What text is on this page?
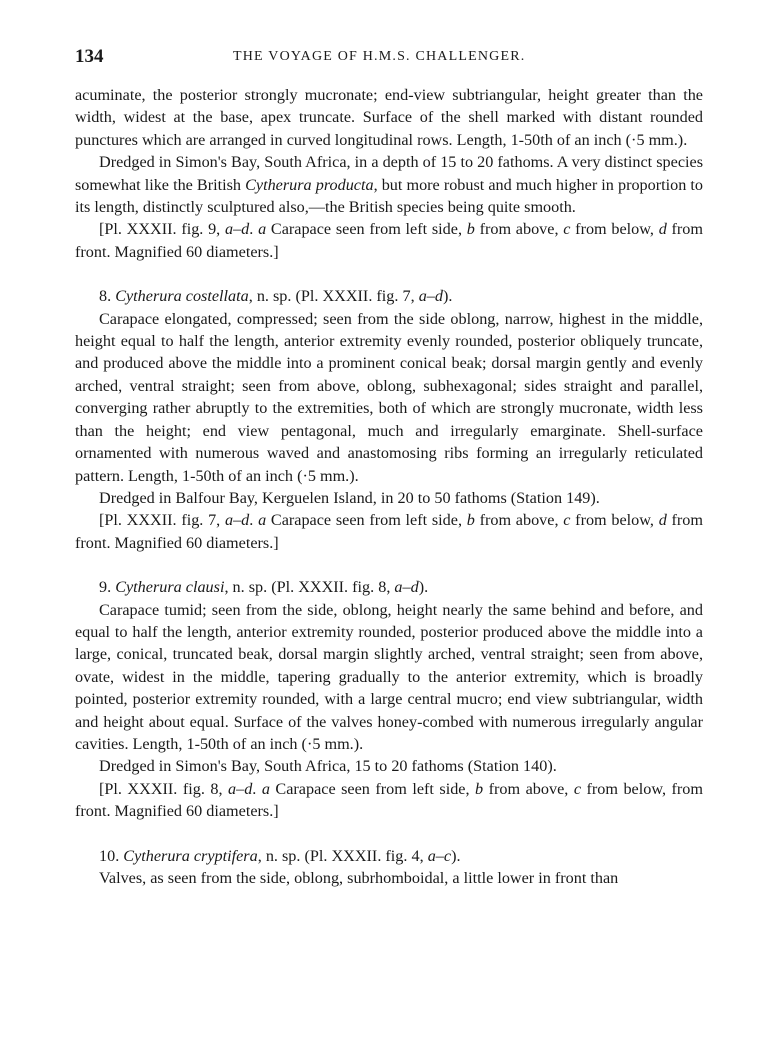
134	THE VOYAGE OF H.M.S. CHALLENGER.

acuminate, the posterior strongly mucronate; end-view subtriangular, height greater than the width, widest at the base, apex truncate. Surface of the shell marked with distant rounded punctures which are arranged in curved longitudinal rows. Length, 1-50th of an inch (·5 mm.).

Dredged in Simon's Bay, South Africa, in a depth of 15 to 20 fathoms. A very distinct species somewhat like the British Cytherura producta, but more robust and much higher in proportion to its length, distinctly sculptured also,—the British species being quite smooth.

[Pl. XXXII. fig. 9, a–d. a Carapace seen from left side, b from above, c from below, d from front. Magnified 60 diameters.]

8. Cytherura costellata, n. sp. (Pl. XXXII. fig. 7, a–d).

Carapace elongated, compressed; seen from the side oblong, narrow, highest in the middle, height equal to half the length, anterior extremity evenly rounded, posterior obliquely truncate, and produced above the middle into a prominent conical beak; dorsal margin gently and evenly arched, ventral straight; seen from above, oblong, subhexagonal; sides straight and parallel, converging rather abruptly to the extremities, both of which are strongly mucronate, width less than the height; end view pentagonal, much and irregularly emarginate. Shell-surface ornamented with numerous waved and anastomosing ribs forming an irregularly reticulated pattern. Length, 1-50th of an inch (·5 mm.).

Dredged in Balfour Bay, Kerguelen Island, in 20 to 50 fathoms (Station 149).

[Pl. XXXII. fig. 7, a–d. a Carapace seen from left side, b from above, c from below, d from front. Magnified 60 diameters.]

9. Cytherura clausi, n. sp. (Pl. XXXII. fig. 8, a–d).

Carapace tumid; seen from the side, oblong, height nearly the same behind and before, and equal to half the length, anterior extremity rounded, posterior produced above the middle into a large, conical, truncated beak, dorsal margin slightly arched, ventral straight; seen from above, ovate, widest in the middle, tapering gradually to the anterior extremity, which is broadly pointed, posterior extremity rounded, with a large central mucro; end view subtriangular, width and height about equal. Surface of the valves honey-combed with numerous irregularly angular cavities. Length, 1-50th of an inch (·5 mm.).

Dredged in Simon's Bay, South Africa, 15 to 20 fathoms (Station 140).

[Pl. XXXII. fig. 8, a–d. a Carapace seen from left side, b from above, c from below, from front. Magnified 60 diameters.]

10. Cytherura cryptifera, n. sp. (Pl. XXXII. fig. 4, a–c).

Valves, as seen from the side, oblong, subrhomboidal, a little lower in front than
